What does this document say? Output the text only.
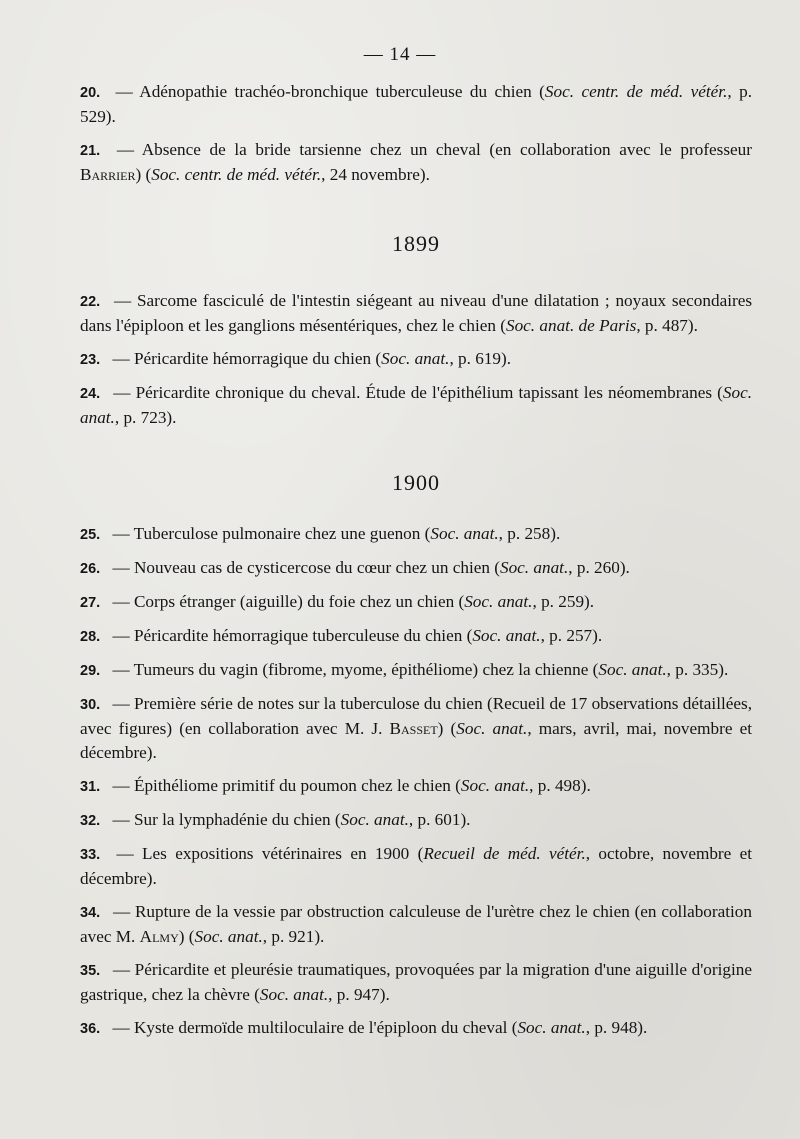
— 14 —
20. — Adénopathie trachéo-bronchique tuberculeuse du chien (Soc. centr. de méd. vétér., p. 529).
21. — Absence de la bride tarsienne chez un cheval (en collaboration avec le professeur Barrier) (Soc. centr. de méd. vétér., 24 novembre).
1899
22. — Sarcome fasciculé de l'intestin siégeant au niveau d'une dilatation ; noyaux secondaires dans l'épiploon et les ganglions mésentériques, chez le chien (Soc. anat. de Paris, p. 487).
23. — Péricardite hémorragique du chien (Soc. anat., p. 619).
24. — Péricardite chronique du cheval. Étude de l'épithélium tapissant les néomembranes (Soc. anat., p. 723).
1900
25. — Tuberculose pulmonaire chez une guenon (Soc. anat., p. 258).
26. — Nouveau cas de cysticercose du cœur chez un chien (Soc. anat., p. 260).
27. — Corps étranger (aiguille) du foie chez un chien (Soc. anat., p. 259).
28. — Péricardite hémorragique tuberculeuse du chien (Soc. anat., p. 257).
29. — Tumeurs du vagin (fibrome, myome, épithéliome) chez la chienne (Soc. anat., p. 335).
30. — Première série de notes sur la tuberculose du chien (Recueil de 17 observations détaillées, avec figures) (en collaboration avec M. J. Basset) (Soc. anat., mars, avril, mai, novembre et décembre).
31. — Épithéliome primitif du poumon chez le chien (Soc. anat., p. 498).
32. — Sur la lymphadénie du chien (Soc. anat., p. 601).
33. — Les expositions vétérinaires en 1900 (Recueil de méd. vétér., octobre, novembre et décembre).
34. — Rupture de la vessie par obstruction calculeuse de l'urètre chez le chien (en collaboration avec M. Almy) (Soc. anat., p. 921).
35. — Péricardite et pleurésie traumatiques, provoquées par la migration d'une aiguille d'origine gastrique, chez la chèvre (Soc. anat., p. 947).
36. — Kyste dermoïde multiloculaire de l'épiploon du cheval (Soc. anat., p. 948).
